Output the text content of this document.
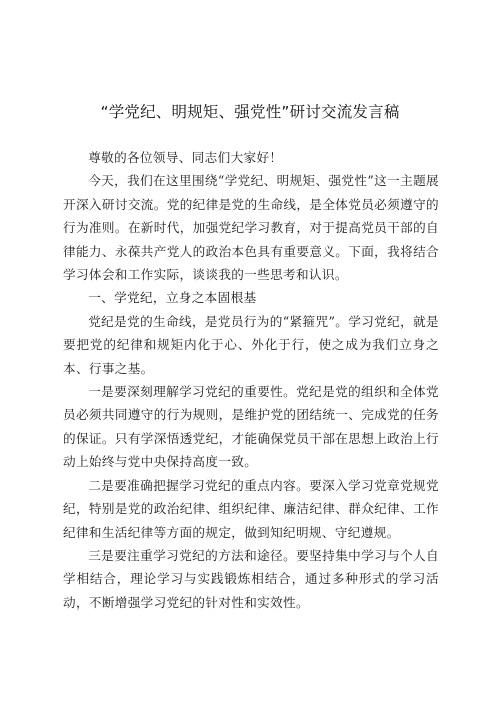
“学党纪、明规矩、强党性”研讨交流发言稿

尊敬的各位领导、同志们大家好！

今天，我们在这里围绕“学党纪、明规矩、强党性”这一主题展开深入研讨交流。党的纪律是党的生命线，是全体党员必须遵守的行为准则。在新时代，加强党纪学习教育，对于提高党员干部的自律能力、永葆共产党人的政治本色具有重要意义。下面，我将结合学习体会和工作实际，谈谈我的一些思考和认识。

一、学党纪，立身之本固根基

党纪是党的生命线，是党员行为的“紧箍咒”。学习党纪，就是要把党的纪律和规矩内化于心、外化于行，使之成为我们立身之本、行事之基。

一是要深刻理解学习党纪的重要性。党纪是党的组织和全体党员必须共同遵守的行为规则，是维护党的团结统一、完成党的任务的保证。只有学深悟透党纪，才能确保党员干部在思想上政治上行动上始终与党中央保持高度一致。

二是要准确把握学习党纪的重点内容。要深入学习党章党规党纪，特别是党的政治纪律、组织纪律、廉洁纪律、群众纪律、工作纪律和生活纪律等方面的规定，做到知纪明规、守纪遵规。

三是要注重学习党纪的方法和途径。要坚持集中学习与个人自学相结合，理论学习与实践锻炼相结合，通过多种形式的学习活动，不断增强学习党纪的针对性和实效性。
